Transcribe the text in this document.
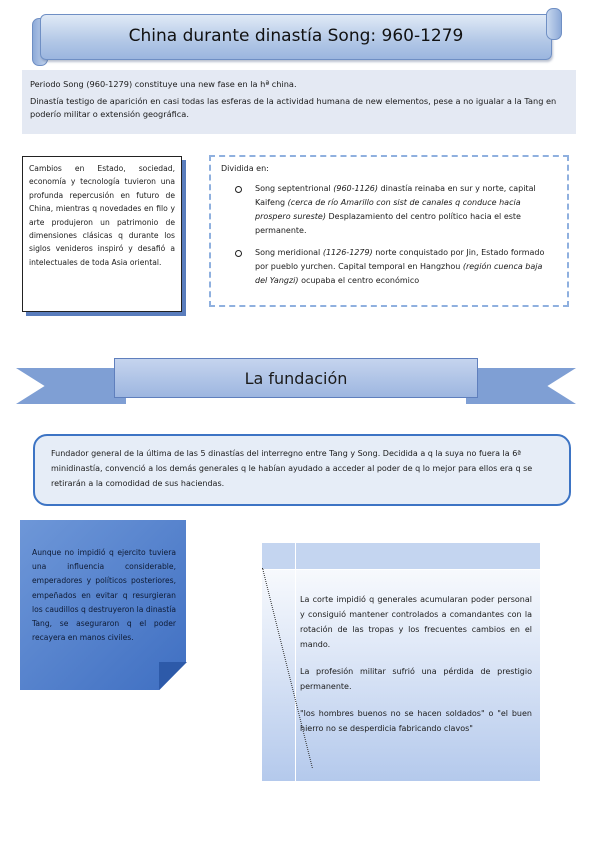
China durante dinastía Song: 960-1279

Periodo Song (960-1279) constituye una new fase en la hª china.

Dinastía testigo de aparición en casi todas las esferas de la actividad humana de new elementos, pese a no igualar a la Tang en poderío militar o extensión geográfica.

Cambios en Estado, sociedad, economía y tecnología tuvieron una profunda repercusión en futuro de China, mientras q novedades en filo y arte produjeron un patrimonio de dimensiones clásicas q durante los siglos venideros inspiró y desafió a intelectuales de toda Asia oriental.
Dividida en:
Song septentrional (960-1126) dinastía reinaba en sur y norte, capital Kaifeng (cerca de río Amarillo con sist de canales q conduce hacia prospero sureste) Desplazamiento del centro político hacia el este permanente.
Song meridional (1126-1279) norte conquistado por Jin, Estado formado por pueblo yurchen. Capital temporal en Hangzhou (región cuenca baja del Yangzi) ocupaba el centro económico
La fundación
Fundador general de la última de las 5 dinastías del interregno entre Tang y Song. Decidida a q la suya no fuera la 6ª minidinastía, convenció a los demás generales q le habían ayudado a acceder al poder de q lo mejor para ellos era q se retirarán a la comodidad de sus haciendas.
Aunque no impidió q ejercito tuviera una influencia considerable, emperadores y políticos posteriores, empeñados en evitar q resurgieran los caudillos q destruyeron la dinastía Tang, se aseguraron q el poder recayera en manos civiles.

La corte impidió q generales acumularan poder personal y consiguió mantener controlados a comandantes con la rotación de las tropas y los frecuentes cambios en el mando.

La profesión militar sufrió una pérdida de prestigio permanente.

"los hombres buenos no se hacen soldados" o "el buen hierro no se desperdicia fabricando clavos"
